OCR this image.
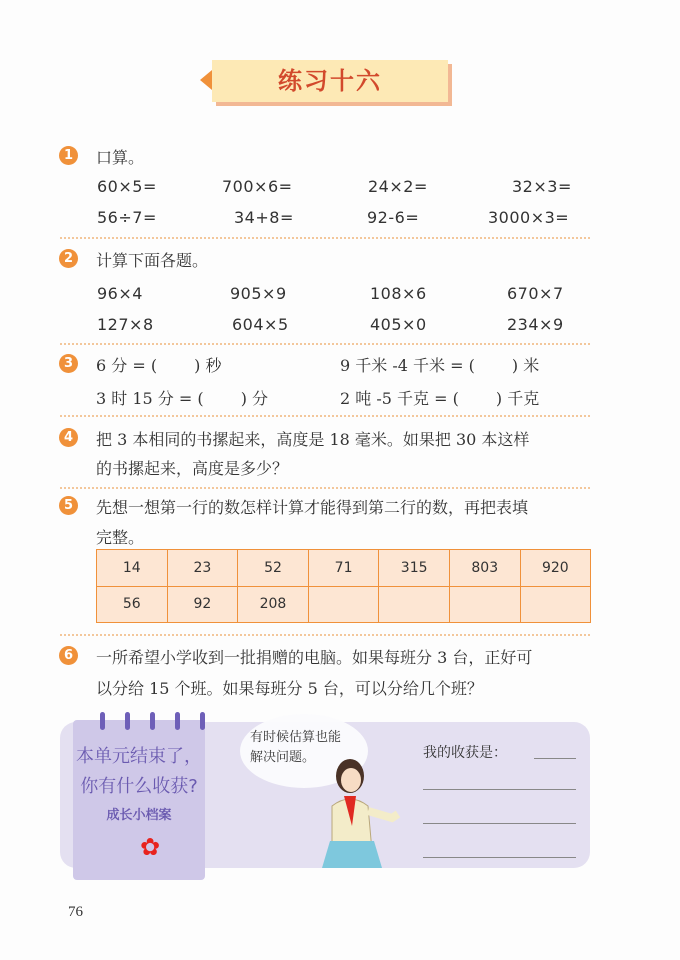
练习十六
1	口算。
60×5=	700×6=	24×2=	32×3=
56÷7=	34+8=	92-6=	3000×3=
2	计算下面各题。
96×4	905×9	108×6	670×7
127×8	604×5	405×0	234×9
3	6 分 = (　　 ) 秒	9 千米 -4 千米 = (　　 ) 米
3 时 15 分 = (　　 ) 分	2 吨 -5 千克 = (　　 ) 千克
4	把 3 本相同的书摞起来，高度是 18 毫米。如果把 30 本这样
的书摞起来，高度是多少？
5	先想一想第一行的数怎样计算才能得到第二行的数，再把表填
完整。
14	23	52	71	315	803	920
56	92	208				
6	一所希望小学收到一批捐赠的电脑。如果每班分 3 台，正好可
以分给 15 个班。如果每班分 5 台，可以分给几个班？
本单元结束了，
你有什么收获?
成长小档案
✿
有时候估算也能
解决问题。	我的收获是：
76
